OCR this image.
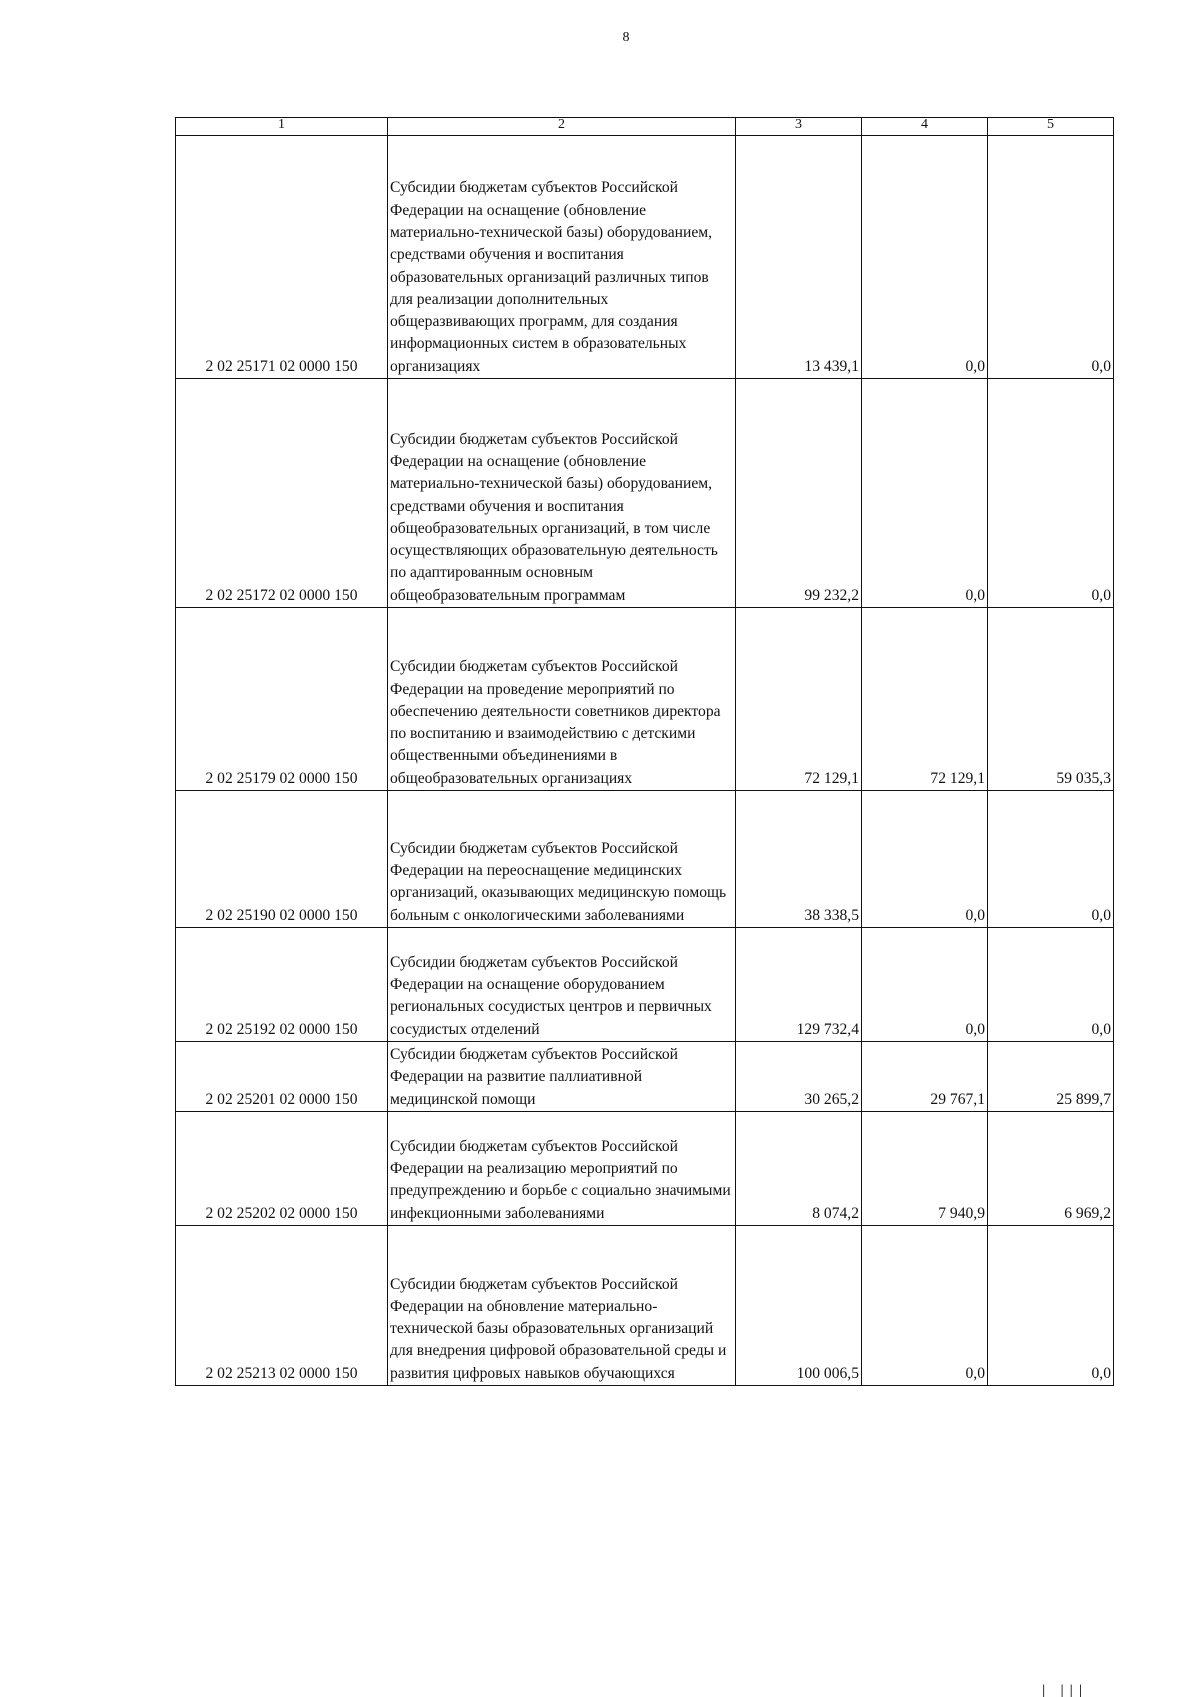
8
1	2	3	4	5
2 02 25171 02 0000 150	Субсидии бюджетам субъектов Российской Федерации на оснащение (обновление материально-технической базы) оборудованием, средствами обучения и воспитания образовательных организаций различных типов для реализации дополнительных общеразвивающих программ, для создания информационных систем в образовательных организациях	13 439,1	0,0	0,0
2 02 25172 02 0000 150	Субсидии бюджетам субъектов Российской Федерации на оснащение (обновление материально-технической базы) оборудованием, средствами обучения и воспитания общеобразовательных организаций, в том числе осуществляющих образовательную деятельность по адаптированным основным общеобразовательным программам	99 232,2	0,0	0,0
2 02 25179 02 0000 150	Субсидии бюджетам субъектов Российской Федерации на проведение мероприятий по обеспечению деятельности советников директора по воспитанию и взаимодействию с детскими общественными объединениями в общеобразовательных организациях	72 129,1	72 129,1	59 035,3
2 02 25190 02 0000 150	Субсидии бюджетам субъектов Российской Федерации на переоснащение медицинских организаций, оказывающих медицинскую помощь больным с онкологическими заболеваниями	38 338,5	0,0	0,0
2 02 25192 02 0000 150	Субсидии бюджетам субъектов Российской Федерации на оснащение оборудованием региональных сосудистых центров и первичных сосудистых отделений	129 732,4	0,0	0,0
2 02 25201 02 0000 150	Субсидии бюджетам субъектов Российской Федерации на развитие паллиативной медицинской помощи	30 265,2	29 767,1	25 899,7
2 02 25202 02 0000 150	Субсидии бюджетам субъектов Российской Федерации на реализацию мероприятий по предупреждению и борьбе с социально значимыми инфекционными заболеваниями	8 074,2	7 940,9	6 969,2
2 02 25213 02 0000 150	Субсидии бюджетам субъектов Российской Федерации на обновление материально-технической базы образовательных организаций для внедрения цифровой образовательной среды и развития цифровых навыков обучающихся	100 006,5	0,0	0,0
| |||
